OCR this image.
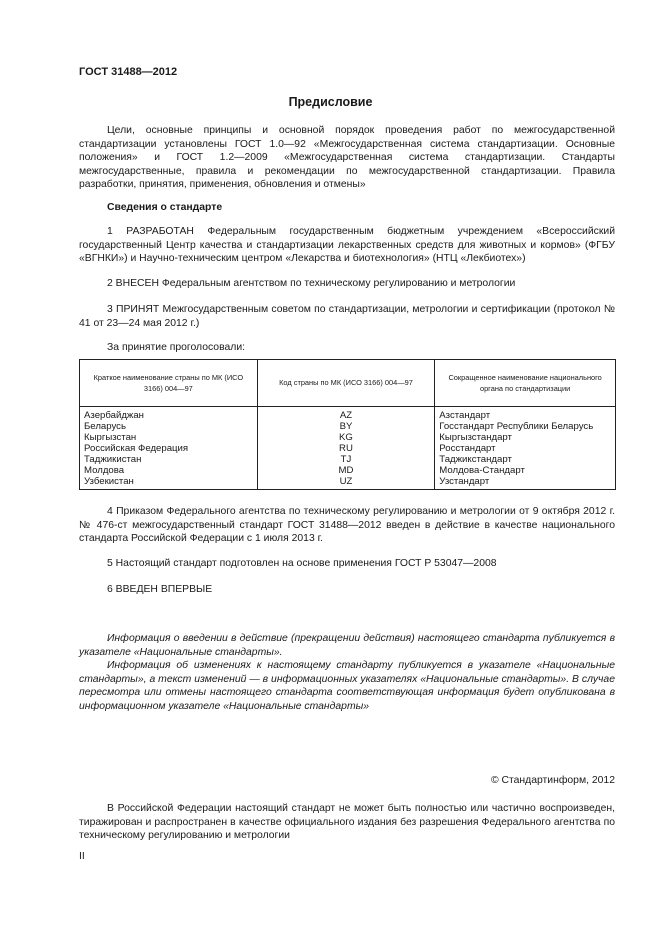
ГОСТ 31488—2012
Предисловие

Цели, основные принципы и основной порядок проведения работ по межгосударственной стандартизации установлены ГОСТ 1.0—92 «Межгосударственная система стандартизации. Основные положения» и ГОСТ 1.2—2009 «Межгосударственная система стандартизации. Стандарты межгосударственные, правила и рекомендации по межгосударственной стандартизации. Правила разработки, принятия, применения, обновления и отмены»

Сведения о стандарте

1 РАЗРАБОТАН Федеральным государственным бюджетным учреждением «Всероссийский государственный Центр качества и стандартизации лекарственных средств для животных и кормов» (ФГБУ «ВГНКИ») и Научно-техническим центром «Лекарства и биотехнология» (НТЦ «Лекбиотех»)

2 ВНЕСЕН Федеральным агентством по техническому регулированию и метрологии

3 ПРИНЯТ Межгосударственным советом по стандартизации, метрологии и сертификации (протокол № 41 от 23—24 мая 2012 г.)

За принятие проголосовали:

Краткое наименование страны по МК (ИСО 3166) 004—97	Код страны по МК (ИСО 3166) 004—97	Сокращенное наименование национального органа по стандартизации
Азербайджан	AZ	Азстандарт
Беларусь	BY	Госстандарт Республики Беларусь
Кыргызстан	KG	Кыргызстандарт
Российская Федерация	RU	Росстандарт
Таджикистан	TJ	Таджикстандарт
Молдова	MD	Молдова-Стандарт
Узбекистан	UZ	Узстандарт

4 Приказом Федерального агентства по техническому регулированию и метрологии от 9 октября 2012 г. № 476-ст межгосударственный стандарт ГОСТ 31488—2012 введен в действие в качестве национального стандарта Российской Федерации с 1 июля 2013 г.

5 Настоящий стандарт подготовлен на основе применения ГОСТ Р 53047—2008

6 ВВЕДЕН ВПЕРВЫЕ

Информация о введении в действие (прекращении действия) настоящего стандарта публикуется в указателе «Национальные стандарты».

Информация об изменениях к настоящему стандарту публикуется в указателе «Национальные стандарты», а текст изменений — в информационных указателях «Национальные стандарты». В случае пересмотра или отмены настоящего стандарта соответствующая информация будет опубликована в информационном указателе «Национальные стандарты»

© Стандартинформ, 2012

В Российской Федерации настоящий стандарт не может быть полностью или частично воспроизведен, тиражирован и распространен в качестве официального издания без разрешения Федерального агентства по техническому регулированию и метрологии

II
